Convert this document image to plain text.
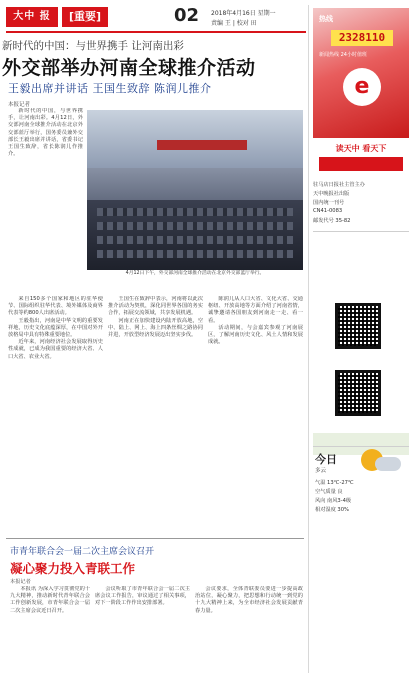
大中 报	[重要]	02 2018年4月16日 星期一
责编 王 | 校对 田
新时代的中国：与世界携手 让河南出彩
外交部举办河南全球推介活动
王毅出席并讲话 王国生致辞 陈润儿推介
本报记者

新时代的中国，与世界携手，让河南出彩。4月12日，外交部河南全球推介活动在北京外交部蓝厅举行，国务委员兼外交部长王毅出席并讲话，省委书记王国生致辞，省长陈润儿作推介。

4月12日下午，外交部河南全球推介活动在北京外交部蓝厅举行。

来自150多个国家和地区的驻华使节、国际组织驻华代表、境外媒体及商界代表等约800人出席活动。

王毅指出，河南是中华文明的重要发祥地，历史文化底蕴深厚，在中国对外开放格局中具有特殊重要地位。

近年来，河南经济社会发展取得历史性成就，已成为我国重要的经济大省、人口大省、农业大省。

王国生在致辞中表示，河南将以此次推介活动为契机，深化同世界各国的务实合作，拓展交流领域，共享发展机遇。

河南正在加快建设内陆开放高地，空中、陆上、网上、海上四条丝绸之路协同并进，开放型经济发展迈出坚实步伐。

陈润儿从人口大省、文化大省、交通枢纽、开放高地等方面介绍了河南省情，诚挚邀请各国朋友到河南走一走、看一看。

活动期间，与会嘉宾参观了河南展区，了解河南历史文化、风土人情和发展成就。

市青年联合会一届二次主席会议召开
凝心聚力投入青联工作
本报记者

本报讯 为深入学习贯彻党的十九大精神，推动新时代青年联合会工作创新发展，市青年联合会一届二次主席会议近日召开。

会议听取了市青年联合会一届二次主席会议工作报告，审议通过了相关事项，对下一阶段工作作出安排部署。

会议要求，全体青联委员要进一步提高政治站位，凝心聚力，把思想和行动统一到党的十九大精神上来，为全市经济社会发展贡献青春力量。

热线
2328110
新闻热线 24小时值班
e
读天中 看天下
驻马店日报社主管主办
天中晚报社出版
国内统一刊号
CN41-0083
邮发代号 35-82
今日
多云
气温 13℃-27℃
空气质量 良
风向 南风3-4级
相对湿度 30%
